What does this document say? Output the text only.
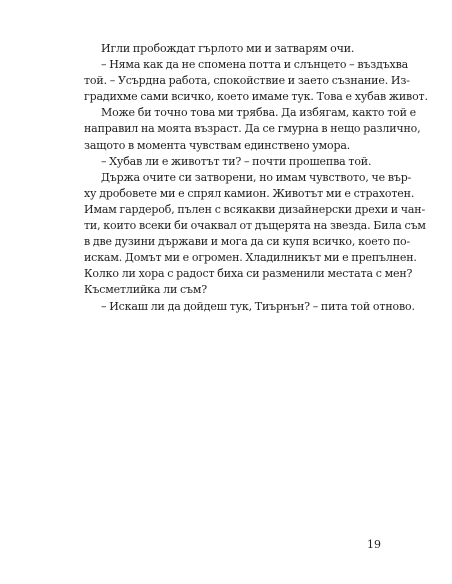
Игли пробождат гърлото ми и затварям очи.
– Няма как да не спомена потта и слънцето – въздъхва
той. – Усърдна работа, спокойствие и заето съзнание. Из-
градихме сами всичко, което имаме тук. Това е хубав живот.
Може би точно това ми трябва. Да избягам, както той е
направил на моята възраст. Да се гмурна в нещо различно,
защото в момента чувствам единствено умора.
– Хубав ли е животът ти? – почти прошепва той.
Държа очите си затворени, но имам чувството, че вър-
ху дробовете ми е спрял камион. Животът ми е страхотен.
Имам гардероб, пълен с всякакви дизайнерски дрехи и чан-
ти, които всеки би очаквал от дъщерята на звезда. Била съм
в две дузини държави и мога да си купя всичко, което по-
искам. Домът ми е огромен. Хладилникът ми е препълнен.
Колко ли хора с радост биха си разменили местата с мен?
Късметлийка ли съм?
– Искаш ли да дойдеш тук, Тиърнън? – пита той отново.
19
